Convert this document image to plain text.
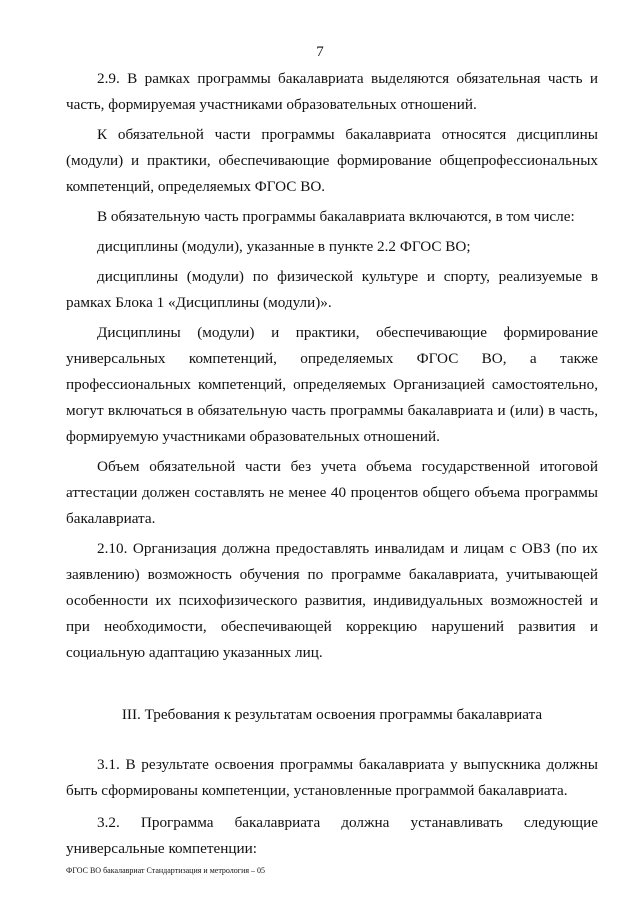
7

2.9. В рамках программы бакалавриата выделяются обязательная часть и часть, формируемая участниками образовательных отношений.

К обязательной части программы бакалавриата относятся дисциплины (модули) и практики, обеспечивающие формирование общепрофессиональных компетенций, определяемых ФГОС ВО.

В обязательную часть программы бакалавриата включаются, в том числе:

дисциплины (модули), указанные в пункте 2.2 ФГОС ВО;

дисциплины (модули) по физической культуре и спорту, реализуемые в рамках Блока 1 «Дисциплины (модули)».

Дисциплины (модули) и практики, обеспечивающие формирование универсальных компетенций, определяемых ФГОС ВО, а также профессиональных компетенций, определяемых Организацией самостоятельно, могут включаться в обязательную часть программы бакалавриата и (или) в часть, формируемую участниками образовательных отношений.

Объем обязательной части без учета объема государственной итоговой аттестации должен составлять не менее 40 процентов общего объема программы бакалавриата.

2.10. Организация должна предоставлять инвалидам и лицам с ОВЗ (по их заявлению) возможность обучения по программе бакалавриата, учитывающей особенности их психофизического развития, индивидуальных возможностей и при необходимости, обеспечивающей коррекцию нарушений развития и социальную адаптацию указанных лиц.

III. Требования к результатам освоения программы бакалавриата

3.1. В результате освоения программы бакалавриата у выпускника должны быть сформированы компетенции, установленные программой бакалавриата.

3.2. Программа бакалавриата должна устанавливать следующие универсальные компетенции:

ФГОС ВО бакалавриат Стандартизация и метрология – 05
